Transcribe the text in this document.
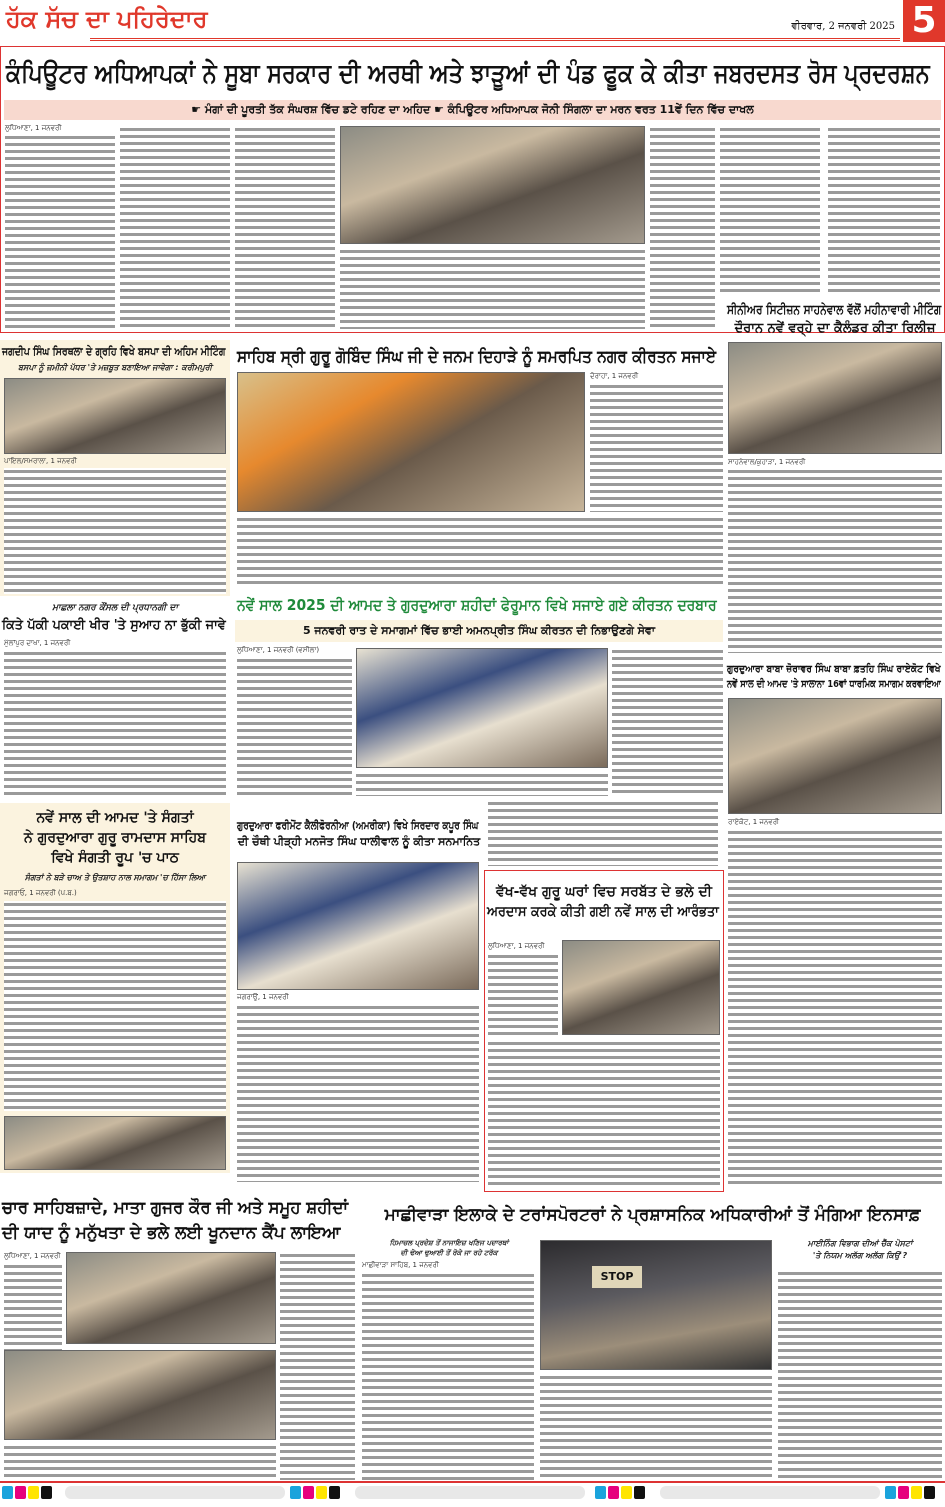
ਹੱਕ ਸੱਚ ਦਾ ਪਹਿਰੇਦਾਰ	ਵੀਰਵਾਰ, 2 ਜਨਵਰੀ 2025 5
ਕੰਪਿਊਟਰ ਅਧਿਆਪਕਾਂ ਨੇ ਸੂਬਾ ਸਰਕਾਰ ਦੀ ਅਰਥੀ ਅਤੇ ਝਾੜੂਆਂ ਦੀ ਪੰਡ ਫੂਕ ਕੇ ਕੀਤਾ ਜਬਰਦਸਤ ਰੋਸ ਪ੍ਰਦਰਸ਼ਨ
☛ ਮੰਗਾਂ ਦੀ ਪੂਰਤੀ ਤੱਕ ਸੰਘਰਸ਼ ਵਿੱਚ ਡਟੇ ਰਹਿਣ ਦਾ ਅਹਿਦ ☛ ਕੰਪਿਊਟਰ ਅਧਿਆਪਕ ਜੋਨੀ ਸਿੰਗਲਾ ਦਾ ਮਰਨ ਵਰਤ 11ਵੇਂ ਦਿਨ ਵਿੱਚ ਦਾਖਲ
ਲੁਧਿਆਣਾ, 1 ਜਨਵਰੀ
ਸੀਨੀਅਰ ਸਿਟੀਜ਼ਨ ਸਾਹਨੇਵਾਲ ਵੱਲੋਂ ਮਹੀਨਾਵਾਰੀ ਮੀਟਿੰਗ
ਦੌਰਾਨ ਨਵੇਂ ਵਰ੍ਹੇ ਦਾ ਕੈਲੰਡਰ ਕੀਤਾ ਰਿਲੀਜ਼
ਸਾਹਨੇਵਾਲ/ਕੁਹਾੜਾ, 1 ਜਨਵਰੀ
ਜਗਦੀਪ ਸਿੰਘ ਸਿਰਥਲਾ ਦੇ ਗ੍ਰਹਿ ਵਿਖੇ ਬਸਪਾ ਦੀ ਅਹਿਮ ਮੀਟਿੰਗ
ਬਸਪਾ ਨੂੰ ਜ਼ਮੀਨੀ ਪੱਧਰ 'ਤੇ ਮਜ਼ਬੂਤ ਬਣਾਇਆ ਜਾਵੇਗਾ : ਕਰੀਮਪੁਰੀ
ਪਾਇਲ/ਸਮਰਾਲਾ, 1 ਜਨਵਰੀ
ਮਾਛਲਾ ਨਗਰ ਕੌਂਸਲ ਦੀ ਪ੍ਰਧਾਨਗੀ ਦਾ
ਕਿਤੇ ਪੱਕੀ ਪਕਾਈ ਖੀਰ 'ਤੇ ਸੁਆਹ ਨਾ ਭੁੱਕੀ ਜਾਵੇ
ਮੁੱਲਾਂਪੁਰ ਦਾਖਾ, 1 ਜਨਵਰੀ
ਨਵੇਂ ਸਾਲ ਦੀ ਆਮਦ 'ਤੇ ਸੰਗਤਾਂ
ਨੇ ਗੁਰਦੁਆਰਾ ਗੁਰੂ ਰਾਮਦਾਸ ਸਾਹਿਬ
ਵਿਖੇ ਸੰਗਤੀ ਰੂਪ 'ਚ ਪਾਠ
ਸੰਗਤਾਂ ਨੇ ਬੜੇ ਚਾਅ ਤੇ ਉਤਸ਼ਾਹ ਨਾਲ ਸਮਾਗਮ 'ਚ ਹਿੱਸਾ ਲਿਆ
ਜਗਰਾਓਂ, 1 ਜਨਵਰੀ (ਪ.ਬ.)
ਸਾਹਿਬ ਸ੍ਰੀ ਗੁਰੂ ਗੋਬਿੰਦ ਸਿੰਘ ਜੀ ਦੇ ਜਨਮ ਦਿਹਾੜੇ ਨੂੰ ਸਮਰਪਿਤ ਨਗਰ ਕੀਰਤਨ ਸਜਾਏ
ਦੋਰਾਹਾ, 1 ਜਨਵਰੀ
ਨਵੇਂ ਸਾਲ 2025 ਦੀ ਆਮਦ ਤੇ ਗੁਰਦੁਆਰਾ ਸ਼ਹੀਦਾਂ ਫੇਰੂਮਾਨ ਵਿਖੇ ਸਜਾਏ ਗਏ ਕੀਰਤਨ ਦਰਬਾਰ
5 ਜਨਵਰੀ ਰਾਤ ਦੇ ਸਮਾਗਮਾਂ ਵਿੱਚ ਭਾਈ ਅਮਨਪ੍ਰੀਤ ਸਿੰਘ ਕੀਰਤਨ ਦੀ ਨਿਭਾਉਣਗੇ ਸੇਵਾ
ਲੁਧਿਆਣਾ, 1 ਜਨਵਰੀ (ਵਸੀਲਾ)
ਗੁਰਦੁਆਰਾ ਬਾਬਾ ਜ਼ੋਰਾਵਰ ਸਿੰਘ ਬਾਬਾ ਫ਼ਤਹਿ ਸਿੰਘ ਰਾਏਕੋਟ ਵਿਖੇ
ਨਵੇਂ ਸਾਲ ਦੀ ਆਮਦ 'ਤੇ ਸਾਲਾਨਾ 16ਵਾਂ ਧਾਰਮਿਕ ਸਮਾਗਮ ਕਰਵਾਇਆ
ਰਾਏਕੋਟ, 1 ਜਨਵਰੀ
ਗੁਰਦੁਆਰਾ ਫਰੀਮੋਂਟ ਕੈਲੀਫੋਰਨੀਆ (ਅਮਰੀਕਾ) ਵਿਖੇ ਸਿਰਦਾਰ ਕਪੂਰ ਸਿੰਘ
ਦੀ ਚੌਥੀ ਪੀੜ੍ਹੀ ਮਨਜੋਤ ਸਿੰਘ ਧਾਲੀਵਾਲ ਨੂੰ ਕੀਤਾ ਸਨਮਾਨਿਤ
ਜਗਰਾਉਂ, 1 ਜਨਵਰੀ
ਵੱਖ-ਵੱਖ ਗੁਰੂ ਘਰਾਂ ਵਿਚ ਸਰਬੱਤ ਦੇ ਭਲੇ ਦੀ
ਅਰਦਾਸ ਕਰਕੇ ਕੀਤੀ ਗਈ ਨਵੇਂ ਸਾਲ ਦੀ ਆਰੰਭਤਾ
ਲੁਧਿਆਣਾ, 1 ਜਨਵਰੀ
ਚਾਰ ਸਾਹਿਬਜ਼ਾਦੇ, ਮਾਤਾ ਗੁਜਰ ਕੌਰ ਜੀ ਅਤੇ ਸਮੂਹ ਸ਼ਹੀਦਾਂ
ਦੀ ਯਾਦ ਨੂੰ ਮਨੁੱਖਤਾ ਦੇ ਭਲੇ ਲਈ ਖੂਨਦਾਨ ਕੈਂਪ ਲਾਇਆ
ਲੁਧਿਆਣਾ, 1 ਜਨਵਰੀ
ਮਾਛੀਵਾੜਾ ਇਲਾਕੇ ਦੇ ਟਰਾਂਸਪੋਰਟਰਾਂ ਨੇ ਪ੍ਰਸ਼ਾਸਨਿਕ ਅਧਿਕਾਰੀਆਂ ਤੋਂ ਮੰਗਿਆ ਇਨਸਾਫ਼
ਹਿਮਾਚਲ ਪ੍ਰਦੇਸ਼ ਤੋਂ ਨਾਜਾਇਜ਼ ਖਣਿਜ ਪਦਾਰਥਾਂ
ਦੀ ਢੋਆ ਢੁਆਈ ਤੋਂ ਰੋਕੇ ਜਾ ਰਹੇ ਟਰੱਕ
ਮਾਛੀਵਾੜਾ ਸਾਹਿਬ, 1 ਜਨਵਰੀ
STOP
ਮਾਈਨਿੰਗ ਵਿਭਾਗ ਦੀਆਂ ਚੈੱਕ ਪੋਸਟਾਂ
'ਤੇ ਨਿਯਮ ਅਲੱਗ ਅਲੱਗ ਕਿਉਂ ?
